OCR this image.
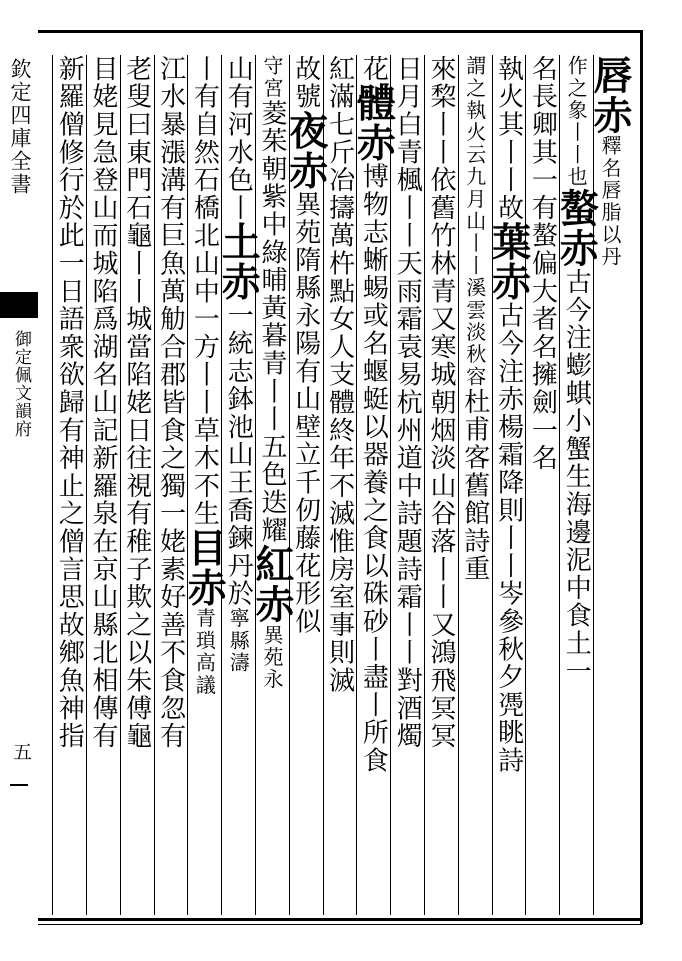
欽定四庫全書
御定佩文韻府
五
唇赤釋名唇脂以丹
作之象丨丨也螯赤古今注蟛蜞小蟹生海邊泥中食土一
名長卿其一有螯偏大者名擁劍一名
執火其丨丨故葉赤古今注赤楊霜降則丨丨岑參秋夕凴眺詩
謂之執火云九月山丨丨溪雲淡秋容杜甫客舊館詩重
來棃丨丨依舊竹林青又寒城朝烟淡山谷落丨丨又鴻飛冥冥
日月白青楓丨丨天雨霜袁易杭州道中詩題詩霜丨丨對酒燭
花體赤博物志蜥蜴或名蝘蜓以器養之食以硃砂丨盡丨所食
紅滿七斤冶擣萬杵點女人支體終年不滅惟房室事則滅
故號夜赤異苑隋縣永陽有山壁立千仞藤花形似
守宮菱茱朝紫中綠晡黃暮青丨丨五色迭耀紅赤異苑永
山有河水色丨土赤一統志鉢池山王喬鍊丹於寧縣濤
丨有自然石橋北山中一方丨丨草木不生目赤青瑣高議
江水暴漲溝有巨魚萬觔合郡皆食之獨一姥素好善不食忽有
老叟曰東門石龜丨丨城當陷姥日往視有稚子欺之以朱傅龜
目姥見急登山而城陷爲湖名山記新羅泉在京山縣北相傳有
新羅僧修行於此一日語衆欲歸有神止之僧言思故鄉魚神指
